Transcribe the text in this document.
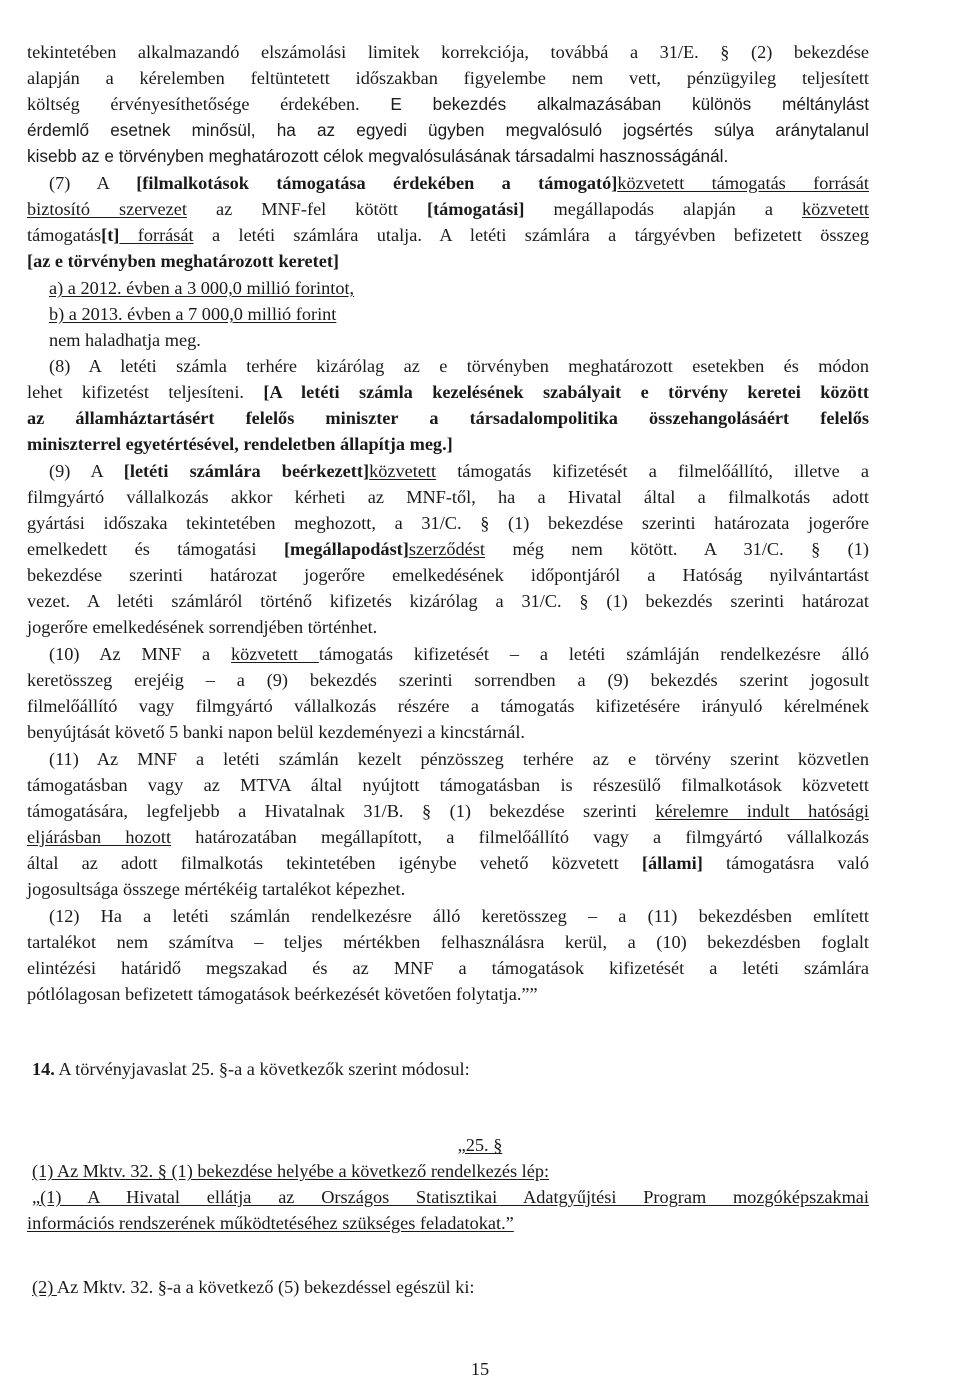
tekintetében alkalmazandó elszámolási limitek korrekciója, továbbá a 31/E. § (2) bekezdése
alapján a kérelemben feltüntetett időszakban figyelembe nem vett, pénzügyileg teljesített
költség érvényesíthetősége érdekében. E bekezdés alkalmazásában különös méltánylást
érdemlő esetnek minősül, ha az egyedi ügyben megvalósuló jogsértés súlya aránytalanul
kisebb az e törvényben meghatározott célok megvalósulásának társadalmi hasznosságánál.
(7) A [filmalkotások támogatása érdekében a támogató]közvetett támogatás forrását
biztosító szervezet az MNF-fel kötött [támogatási] megállapodás alapján a közvetett
támogatás[t] forrását a letéti számlára utalja. A letéti számlára a tárgyévben befizetett összeg
[az e törvényben meghatározott keretet]
a) a 2012. évben a 3 000,0 millió forintot,
b) a 2013. évben a 7 000,0 millió forint
nem haladhatja meg.
(8) A letéti számla terhére kizárólag az e törvényben meghatározott esetekben és módon
lehet kifizetést teljesíteni. [A letéti számla kezelésének szabályait e törvény keretei között
az államháztartásért felelős miniszter a társadalompolitika összehangolásáért felelős
miniszterrel egyetértésével, rendeletben állapítja meg.]
(9) A [letéti számlára beérkezett]közvetett támogatás kifizetését a filmelőállító, illetve a
filmgyártó vállalkozás akkor kérheti az MNF-től, ha a Hivatal által a filmalkotás adott
gyártási időszaka tekintetében meghozott, a 31/C. § (1) bekezdése szerinti határozata jogerőre
emelkedett és támogatási [megállapodást]szerződést még nem kötött. A 31/C. § (1)
bekezdése szerinti határozat jogerőre emelkedésének időpontjáról a Hatóság nyilvántartást
vezet. A letéti számláról történő kifizetés kizárólag a 31/C. § (1) bekezdés szerinti határozat
jogerőre emelkedésének sorrendjében történhet.
(10) Az MNF a közvetett támogatás kifizetését – a letéti számláján rendelkezésre álló
keretösszeg erejéig – a (9) bekezdés szerinti sorrendben a (9) bekezdés szerint jogosult
filmelőállító vagy filmgyártó vállalkozás részére a támogatás kifizetésére irányuló kérelmének
benyújtását követő 5 banki napon belül kezdeményezi a kincstárnál.
(11) Az MNF a letéti számlán kezelt pénzösszeg terhére az e törvény szerint közvetlen
támogatásban vagy az MTVA által nyújtott támogatásban is részesülő filmalkotások közvetett
támogatására, legfeljebb a Hivatalnak 31/B. § (1) bekezdése szerinti kérelemre indult hatósági
eljárásban hozott határozatában megállapított, a filmelőállító vagy a filmgyártó vállalkozás
által az adott filmalkotás tekintetében igénybe vehető közvetett [állami] támogatásra való
jogosultsága összege mértékéig tartalékot képezhet.
(12) Ha a letéti számlán rendelkezésre álló keretösszeg – a (11) bekezdésben említett
tartalékot nem számítva – teljes mértékben felhasználásra kerül, a (10) bekezdésben foglalt
elintézési határidő megszakad és az MNF a támogatások kifizetését a letéti számlára
pótlólagosan befizetett támogatások beérkezését követően folytatja.””
14. A törvényjavaslat 25. §-a a következők szerint módosul:
„25. §
(1) Az Mktv. 32. § (1) bekezdése helyébe a következő rendelkezés lép:
„(1) A Hivatal ellátja az Országos Statisztikai Adatgyűjtési Program mozgóképszakmai
információs rendszerének működtetéséhez szükséges feladatokat.”
(2) Az Mktv. 32. §-a a következő (5) bekezdéssel egészül ki:
15
